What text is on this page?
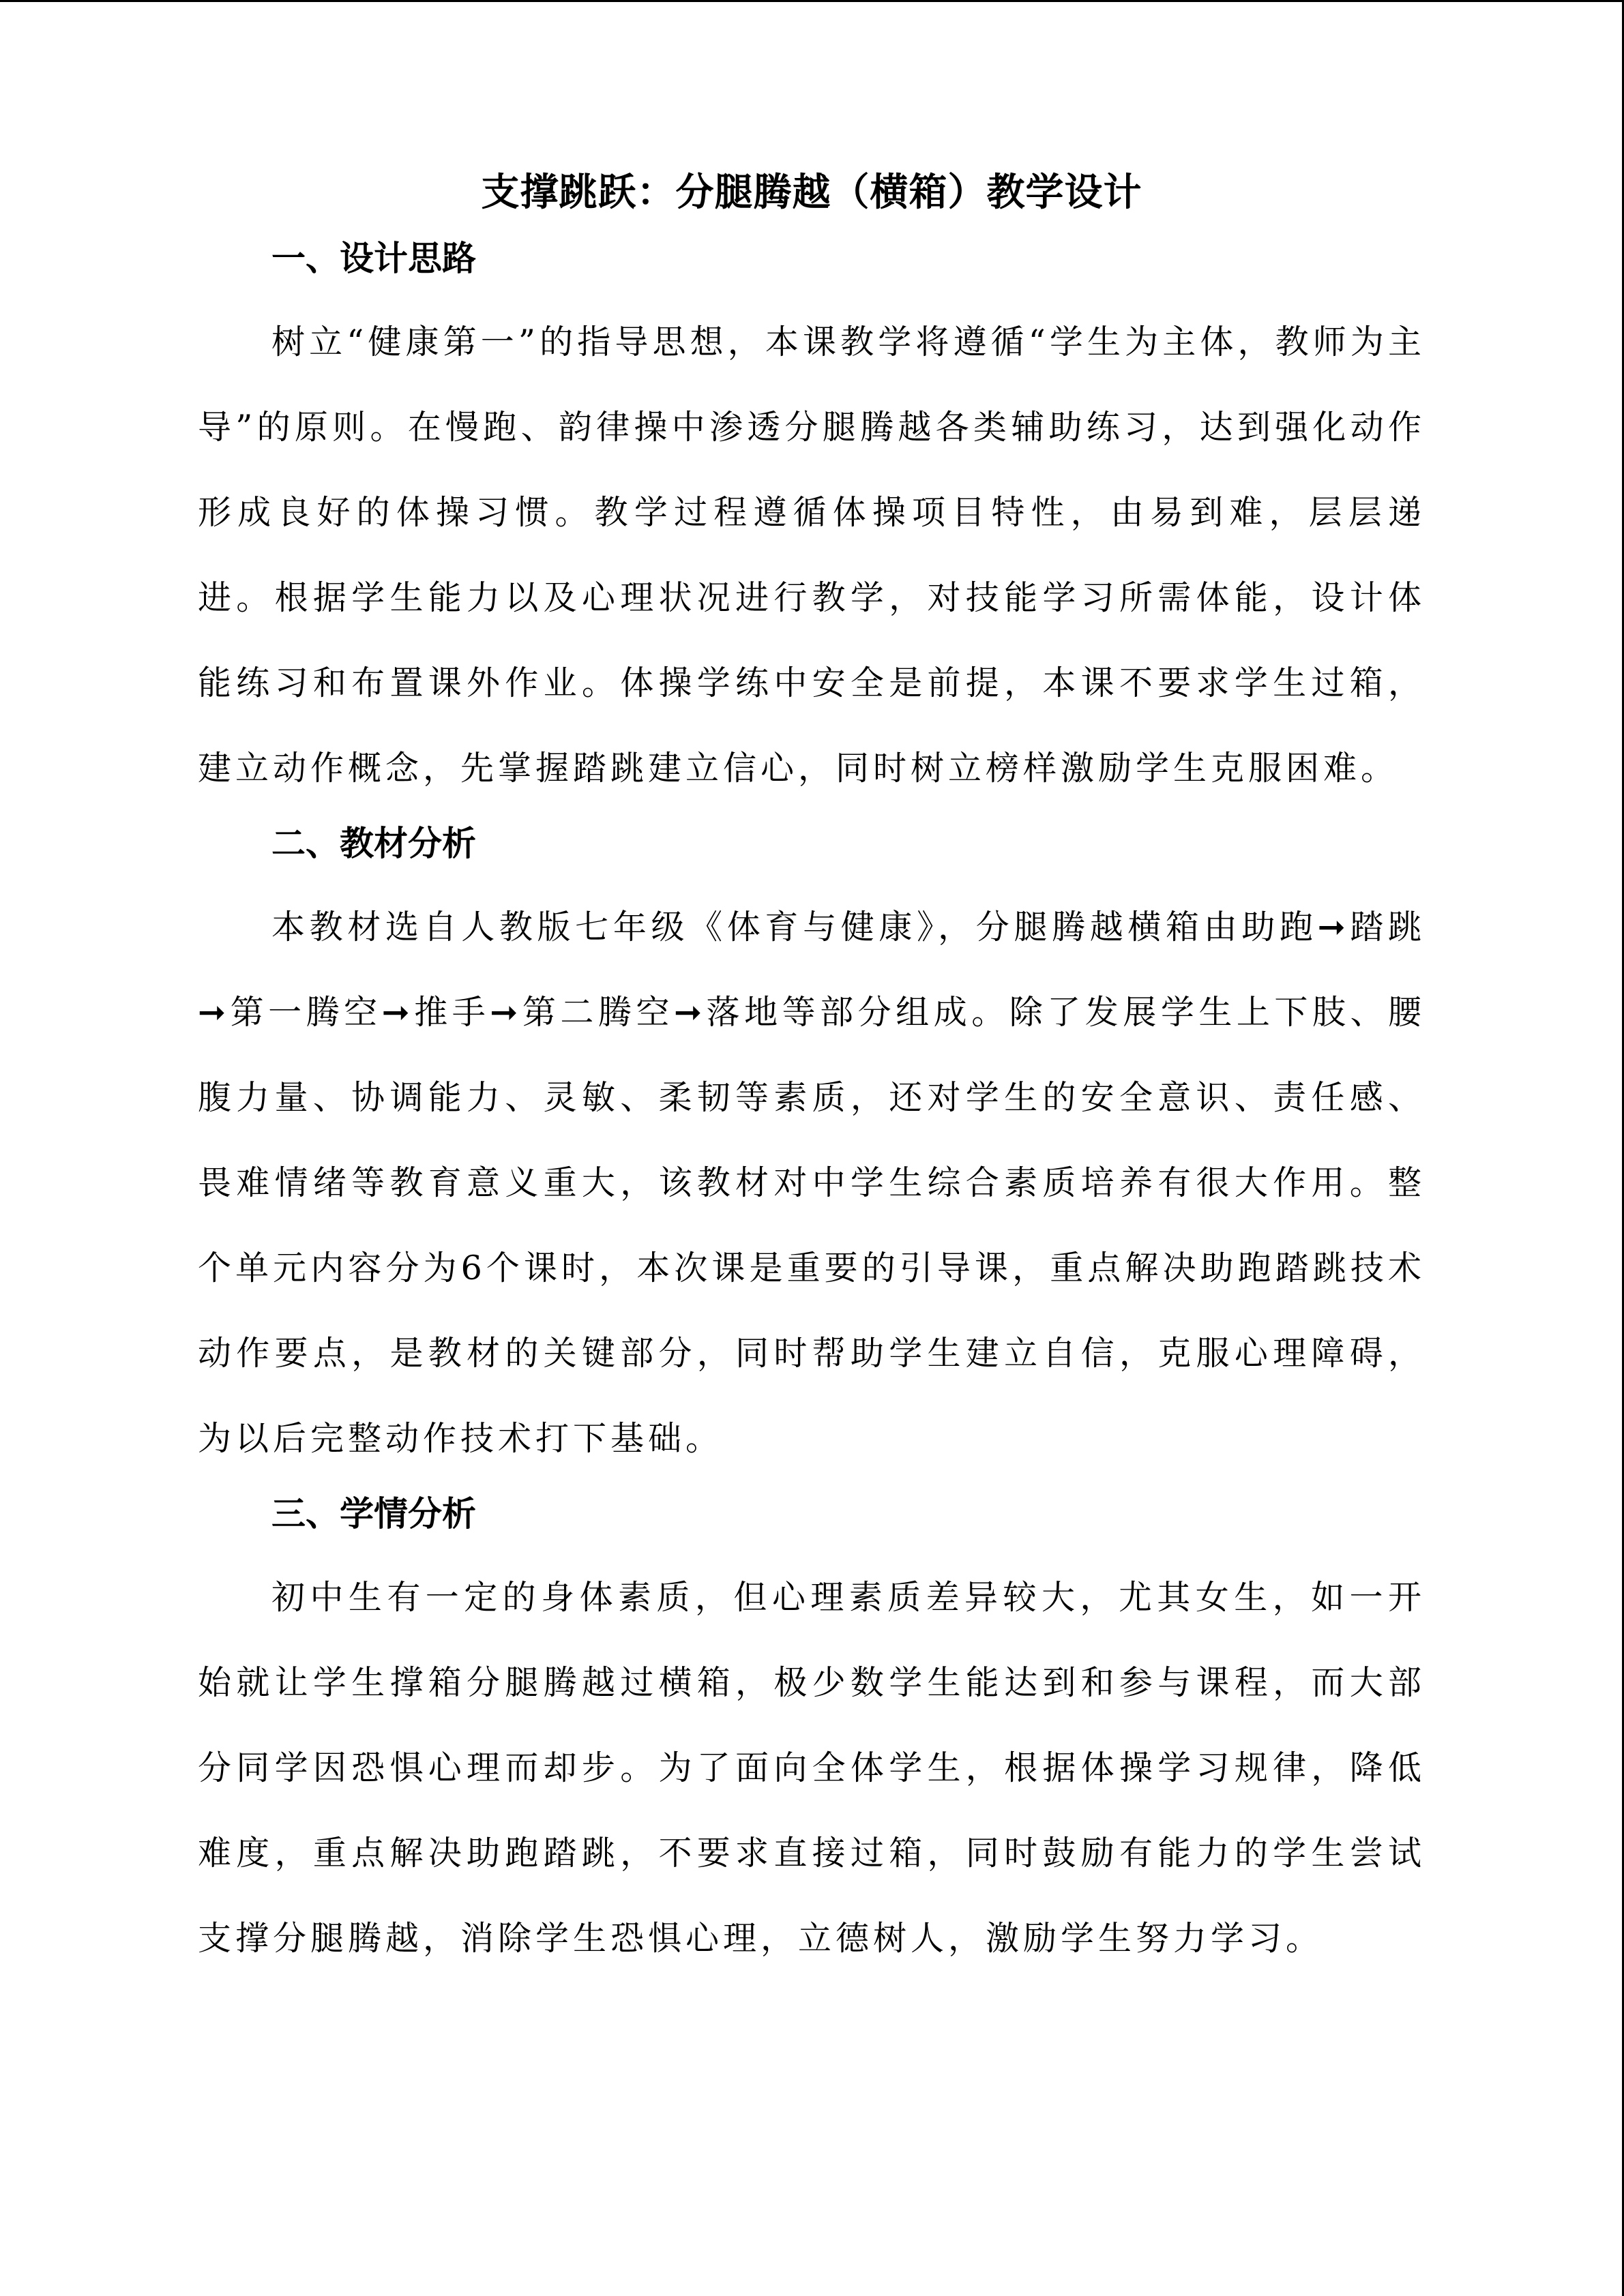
支撑跳跃：分腿腾越（横箱）教学设计
一、设计思路

树立“健康第一”的指导思想，本课教学将遵循“学生为主体，教师为主导”的原则。在慢跑、韵律操中渗透分腿腾越各类辅助练习，达到强化动作形成良好的体操习惯。教学过程遵循体操项目特性，由易到难，层层递进。根据学生能力以及心理状况进行教学，对技能学习所需体能，设计体能练习和布置课外作业。体操学练中安全是前提，本课不要求学生过箱，建立动作概念，先掌握踏跳建立信心，同时树立榜样激励学生克服困难。

二、教材分析

本教材选自人教版七年级《体育与健康》，分腿腾越横箱由助跑➞踏跳➞第一腾空➞推手➞第二腾空➞落地等部分组成。除了发展学生上下肢、腰腹力量、协调能力、灵敏、柔韧等素质，还对学生的安全意识、责任感、畏难情绪等教育意义重大，该教材对中学生综合素质培养有很大作用。整个单元内容分为6个课时，本次课是重要的引导课，重点解决助跑踏跳技术动作要点，是教材的关键部分，同时帮助学生建立自信，克服心理障碍，为以后完整动作技术打下基础。

三、学情分析

初中生有一定的身体素质，但心理素质差异较大，尤其女生，如一开始就让学生撑箱分腿腾越过横箱，极少数学生能达到和参与课程，而大部分同学因恐惧心理而却步。为了面向全体学生，根据体操学习规律，降低难度，重点解决助跑踏跳，不要求直接过箱，同时鼓励有能力的学生尝试支撑分腿腾越，消除学生恐惧心理，立德树人，激励学生努力学习。
